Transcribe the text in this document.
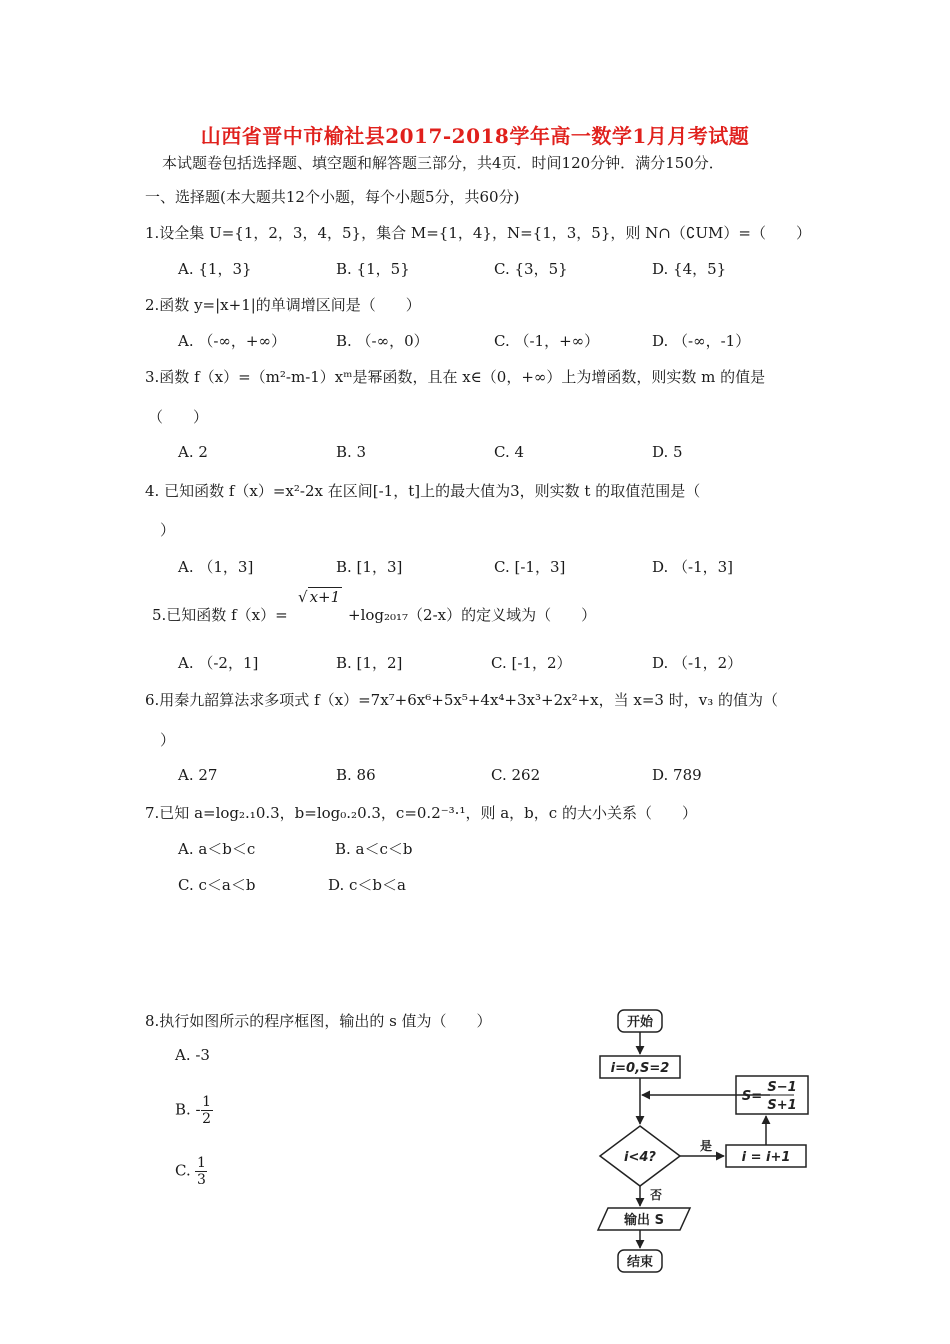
山西省晋中市榆社县2017-2018学年高一数学1月月考试题
本试题卷包括选择题、填空题和解答题三部分，共4页．时间120分钟．满分150分．
一、选择题(本大题共12个小题，每个小题5分，共60分)
1.设全集 U={1，2，3，4，5}，集合 M={1，4}，N={1，3，5}，则 N∩（∁UM）=（　　）
A. {1，3}	B. {1，5}	C. {3，5}	D. {4，5}
2.函数 y=|x+1|的单调增区间是（　　）
A. （-∞，+∞）	B. （-∞，0）	C. （-1，+∞）	D. （-∞，-1）
3.函数 f（x）=（m²-m-1）xᵐ是幂函数，且在 x∈（0，+∞）上为增函数，则实数 m 的值是
（　　）
A. 2	B. 3	C. 4	D. 5
4. 已知函数 f（x）=x²-2x 在区间[-1，t]上的最大值为3，则实数 t 的取值范围是（
）
A. （1，3]	B. [1，3]	C. [-1，3]	D. （-1，3]
5.已知函数 f（x）=
√ x+1
+log₂₀₁₇（2-x）的定义域为（　　）
A. （-2，1]	B. [1，2]	C. [-1，2）	D. （-1，2）
6.用秦九韶算法求多项式 f（x）=7x⁷+6x⁶+5x⁵+4x⁴+3x³+2x²+x，当 x=3 时，v₃ 的值为（
）
A. 27	B. 86	C. 262	D. 789
7.已知 a=log₂.₁0.3，b=log₀.₂0.3，c=0.2⁻³·¹，则 a，b，c 的大小关系（　　）
A. a＜b＜c	B. a＜c＜b
C. c＜a＜b	D. c＜b＜a
8.执行如图所示的程序框图，输出的 s 值为（　　）
A. -3
B. - $\frac{1}{2}$
C. $\frac{1}{3}$
开始
i=0,S=2
S=
S−1
S+1
i<4?
是
否
i = i+1
输出 S
结束
